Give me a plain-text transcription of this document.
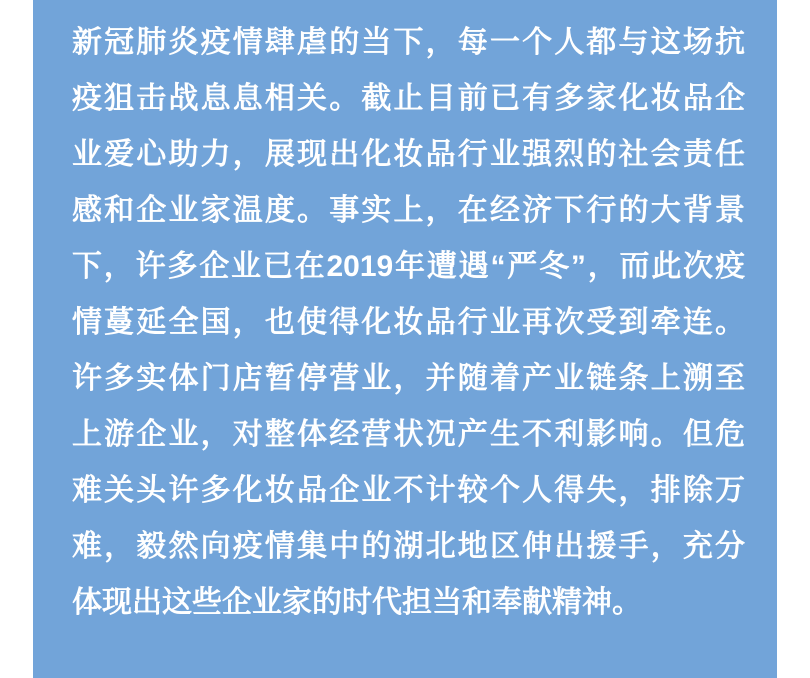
新冠肺炎疫情肆虐的当下，每一个人都与这场抗
疫狙击战息息相关。截止目前已有多家化妆品企
业爱心助力，展现出化妆品行业强烈的社会责任
感和企业家温度。事实上，在经济下行的大背景
下，许多企业已在2019年遭遇“严冬”，而此次疫
情蔓延全国，也使得化妆品行业再次受到牵连。
许多实体门店暂停营业，并随着产业链条上溯至
上游企业，对整体经营状况产生不利影响。但危
难关头许多化妆品企业不计较个人得失，排除万
难，毅然向疫情集中的湖北地区伸出援手，充分
体现出这些企业家的时代担当和奉献精神。
